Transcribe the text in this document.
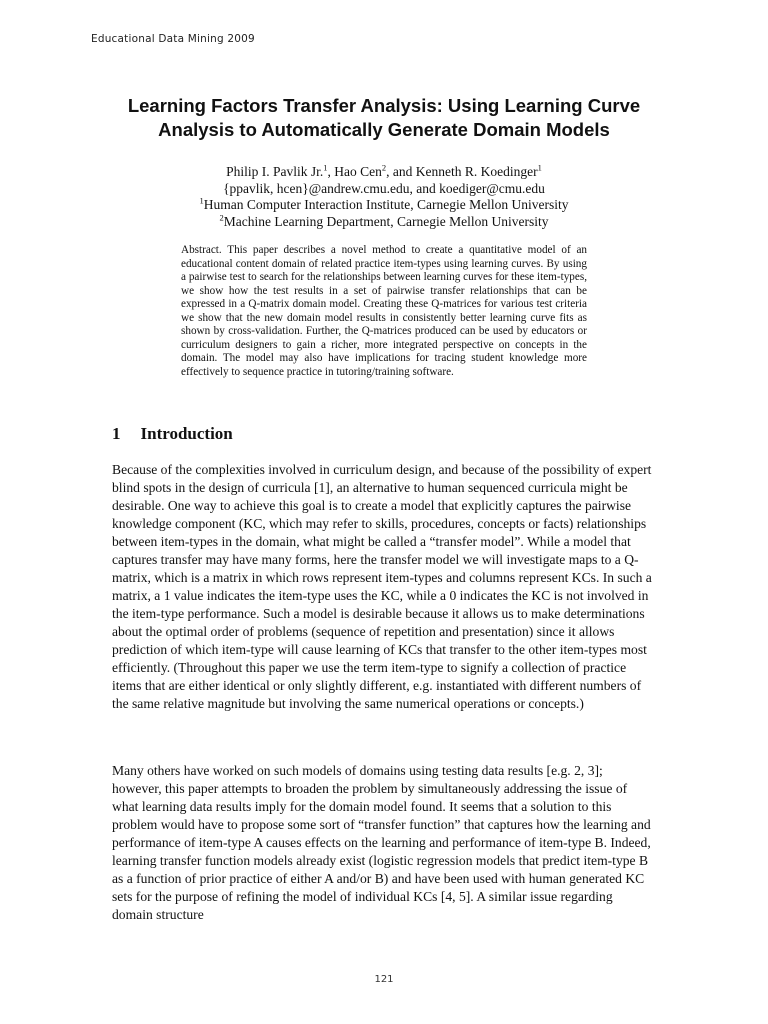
Educational Data Mining 2009
Learning Factors Transfer Analysis: Using Learning Curve Analysis to Automatically Generate Domain Models
Philip I. Pavlik Jr.$^1$, Hao Cen$^2$, and Kenneth R. Koedinger$^1$
{ppavlik, hcen}@andrew.cmu.edu, and koediger@cmu.edu
$^1$Human Computer Interaction Institute, Carnegie Mellon University
$^2$Machine Learning Department, Carnegie Mellon University
Abstract. This paper describes a novel method to create a quantitative model of an educational content domain of related practice item-types using learning curves. By using a pairwise test to search for the relationships between learning curves for these item-types, we show how the test results in a set of pairwise transfer relationships that can be expressed in a Q-matrix domain model. Creating these Q-matrices for various test criteria we show that the new domain model results in consistently better learning curve fits as shown by cross-validation. Further, the Q-matrices produced can be used by educators or curriculum designers to gain a richer, more integrated perspective on concepts in the domain. The model may also have implications for tracing student knowledge more effectively to sequence practice in tutoring/training software.
1 Introduction
Because of the complexities involved in curriculum design, and because of the possibility of expert blind spots in the design of curricula [1], an alternative to human sequenced curricula might be desirable. One way to achieve this goal is to create a model that explicitly captures the pairwise knowledge component (KC, which may refer to skills, procedures, concepts or facts) relationships between item-types in the domain, what might be called a “transfer model”. While a model that captures transfer may have many forms, here the transfer model we will investigate maps to a Q-matrix, which is a matrix in which rows represent item-types and columns represent KCs. In such a matrix, a 1 value indicates the item-type uses the KC, while a 0 indicates the KC is not involved in the item-type performance. Such a model is desirable because it allows us to make determinations about the optimal order of problems (sequence of repetition and presentation) since it allows prediction of which item-type will cause learning of KCs that transfer to the other item-types most efficiently. (Throughout this paper we use the term item-type to signify a collection of practice items that are either identical or only slightly different, e.g. instantiated with different numbers of the same relative magnitude but involving the same numerical operations or concepts.)
Many others have worked on such models of domains using testing data results [e.g. 2, 3]; however, this paper attempts to broaden the problem by simultaneously addressing the issue of what learning data results imply for the domain model found. It seems that a solution to this problem would have to propose some sort of “transfer function” that captures how the learning and performance of item-type A causes effects on the learning and performance of item-type B. Indeed, learning transfer function models already exist (logistic regression models that predict item-type B as a function of prior practice of either A and/or B) and have been used with human generated KC sets for the purpose of refining the model of individual KCs [4, 5]. A similar issue regarding domain structure
121
